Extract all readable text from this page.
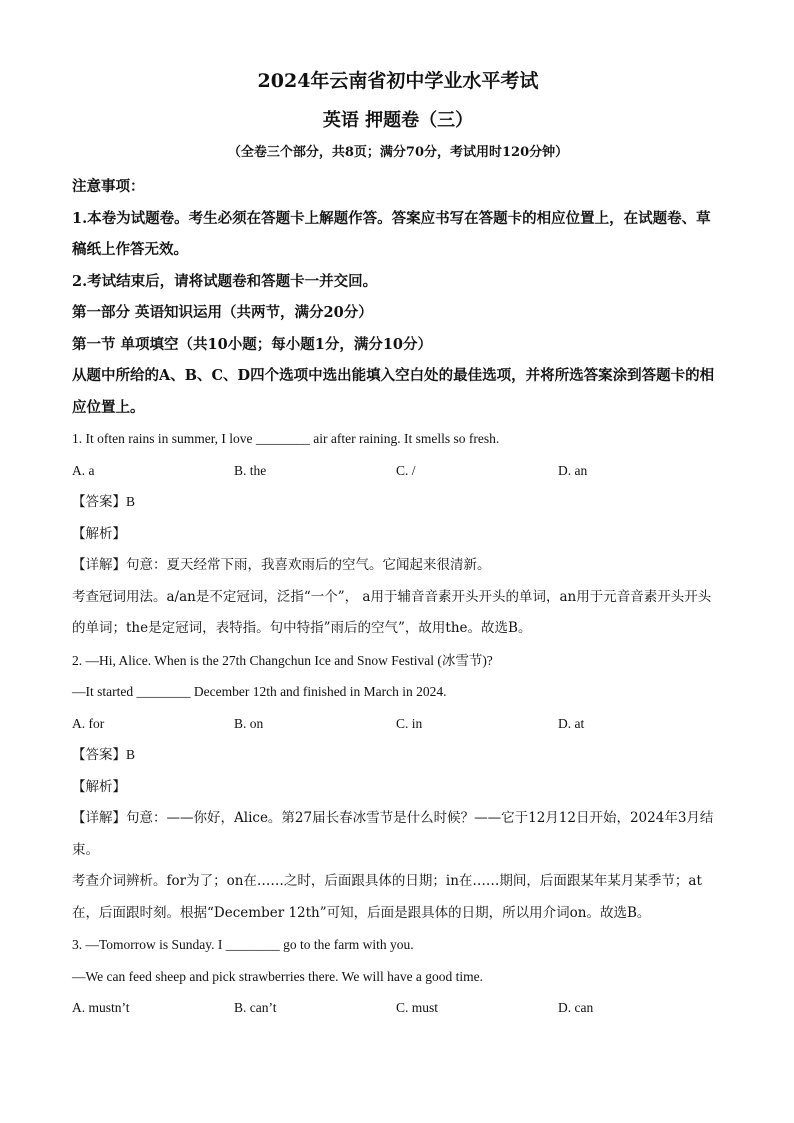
2024年云南省初中学业水平考试
英语 押题卷（三）
（全卷三个部分，共8页；满分70分，考试用时120分钟）
注意事项：
1.本卷为试题卷。考生必须在答题卡上解题作答。答案应书写在答题卡的相应位置上，在试题卷、草稿纸上作答无效。
2.考试结束后，请将试题卷和答题卡一并交回。
第一部分 英语知识运用（共两节，满分20分）
第一节 单项填空（共10小题；每小题1分，满分10分）
从题中所给的A、B、C、D四个选项中选出能填入空白处的最佳选项，并将所选答案涂到答题卡的相应位置上。
1. It often rains in summer, I love ________ air after raining. It smells so fresh.
A. a	B. the	C. /	D. an
【答案】B
【解析】
【详解】句意：夏天经常下雨，我喜欢雨后的空气。它闻起来很清新。
考查冠词用法。a/an是不定冠词，泛指“一个”， a用于辅音音素开头开头的单词，an用于元音音素开头开头的单词；the是定冠词，表特指。句中特指”雨后的空气”，故用the。故选B。
2. —Hi, Alice. When is the 27th Changchun Ice and Snow Festival (冰雪节)?
—It started ________ December 12th and finished in March in 2024.
A. for	B. on	C. in	D. at
【答案】B
【解析】
【详解】句意：——你好，Alice。第27届长春冰雪节是什么时候？——它于12月12日开始，2024年3月结束。
考查介词辨析。for为了；on在……之时，后面跟具体的日期；in在……期间，后面跟某年某月某季节；at在，后面跟时刻。根据“December 12th”可知，后面是跟具体的日期，所以用介词on。故选B。
3. —Tomorrow is Sunday. I ________ go to the farm with you.
—We can feed sheep and pick strawberries there. We will have a good time.
A. mustn’t	B. can’t	C. must	D. can
